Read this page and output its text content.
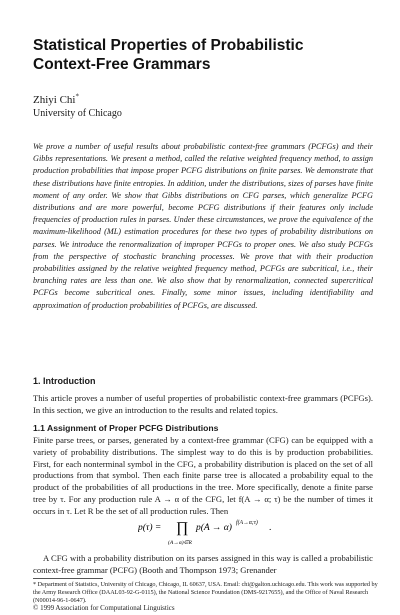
Statistical Properties of Probabilistic Context-Free Grammars
Zhiyi Chi*
University of Chicago
We prove a number of useful results about probabilistic context-free grammars (PCFGs) and their Gibbs representations. We present a method, called the relative weighted frequency method, to assign production probabilities that impose proper PCFG distributions on finite parses. We demonstrate that these distributions have finite entropies. In addition, under the distributions, sizes of parses have finite moment of any order. We show that Gibbs distributions on CFG parses, which generalize PCFG distributions and are more powerful, become PCFG distributions if their features only include frequencies of production rules in parses. Under these circumstances, we prove the equivalence of the maximum-likelihood (ML) estimation procedures for these two types of probability distributions on parses. We introduce the renormalization of improper PCFGs to proper ones. We also study PCFGs from the perspective of stochastic branching processes. We prove that with their production probabilities assigned by the relative weighted frequency method, PCFGs are subcritical, i.e., their branching rates are less than one. We also show that by renormalization, connected supercritical PCFGs become subcritical ones. Finally, some minor issues, including identifiability and approximation of production probabilities of PCFGs, are discussed.
1. Introduction
This article proves a number of useful properties of probabilistic context-free grammars (PCFGs). In this section, we give an introduction to the results and related topics.
1.1 Assignment of Proper PCFG Distributions
Finite parse trees, or parses, generated by a context-free grammar (CFG) can be equipped with a variety of probability distributions. The simplest way to do this is by production probabilities. First, for each nonterminal symbol in the CFG, a probability distribution is placed on the set of all productions from that symbol. Then each finite parse tree is allocated a probability equal to the product of the probabilities of all productions in the tree. More specifically, denote a finite parse tree by τ. For any production rule A → α of the CFG, let f(A → α; τ) be the number of times it occurs in τ. Let R be the set of all production rules. Then
p(τ) = ∏
(A→α)∈R
p(A → α) f(A→α;τ) .
A CFG with a probability distribution on its parses assigned in this way is called a probabilistic context-free grammar (PCFG) (Booth and Thompson 1973; Grenander
* Department of Statistics, University of Chicago, Chicago, IL 60637, USA. Email: chi@galton.uchicago.edu. This work was supported by the Army Research Office (DAAL03-92-G-0115), the National Science Foundation (DMS-9217655), and the Office of Naval Research (N00014-96-1-0647).
© 1999 Association for Computational Linguistics
